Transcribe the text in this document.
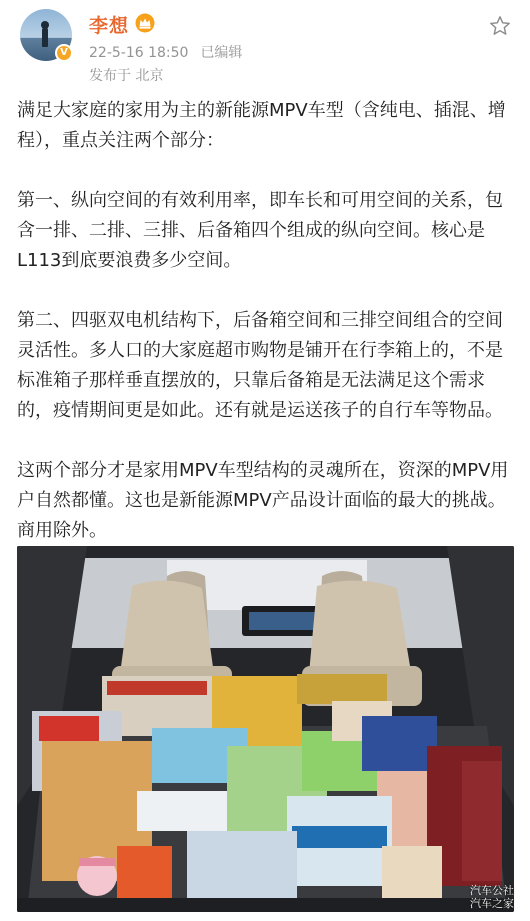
V
李想
22-5-16 18:50 已编辑
发布于 北京

满足大家庭的家用为主的新能源MPV车型（含纯电、插混、增程），重点关注两个部分：

第一、纵向空间的有效利用率，即车长和可用空间的关系，包含一排、二排、三排、后备箱四个组成的纵向空间。核心是L113到底要浪费多少空间。

第二、四驱双电机结构下，后备箱空间和三排空间组合的空间灵活性。多人口的大家庭超市购物是铺开在行李箱上的，不是标准箱子那样垂直摆放的，只靠后备箱是无法满足这个需求的，疫情期间更是如此。还有就是运送孩子的自行车等物品。

这两个部分才是家用MPV车型结构的灵魂所在，资深的MPV用户自然都懂。这也是新能源MPV产品设计面临的最大的挑战。商用除外。

汽车公社
汽车之家
